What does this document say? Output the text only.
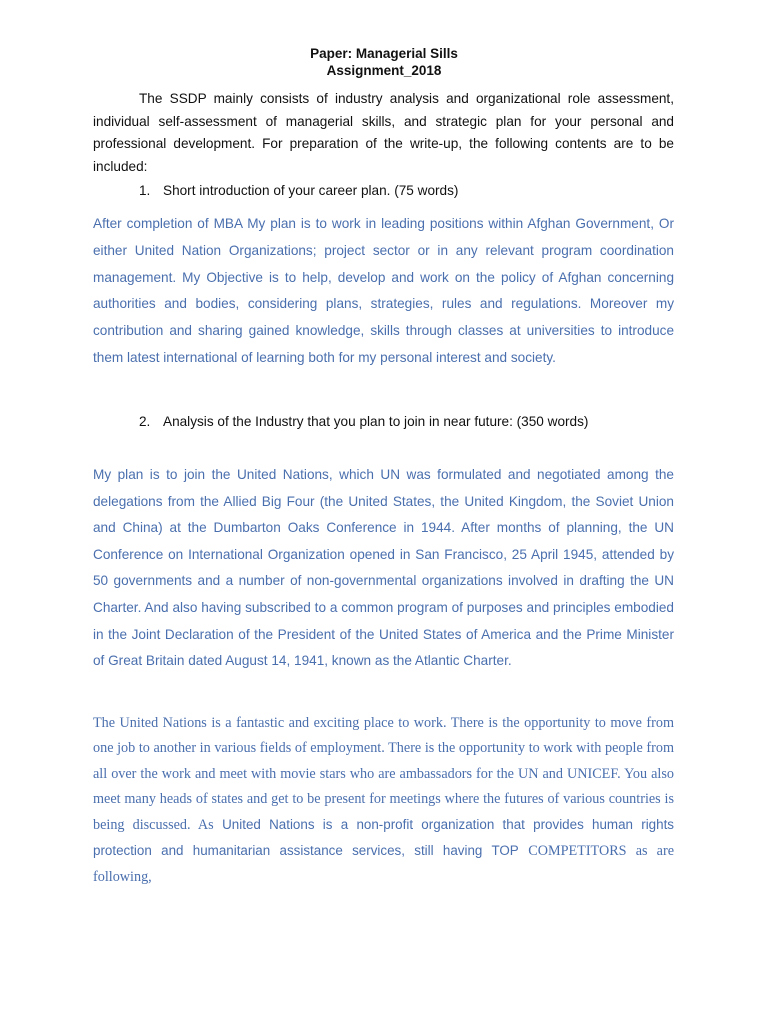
Paper: Managerial Sills
Assignment_2018

The SSDP mainly consists of industry analysis and organizational role assessment, individual self-assessment of managerial skills, and strategic plan for your personal and professional development. For preparation of the write-up, the following contents are to be included:

1. Short introduction of your career plan. (75 words)

After completion of MBA My plan is to work in leading positions within Afghan Government, Or either United Nation Organizations; project sector or in any relevant program coordination management. My Objective is to help, develop and work on the policy of Afghan concerning authorities and bodies, considering plans, strategies, rules and regulations. Moreover my contribution and sharing gained knowledge, skills through classes at universities to introduce them latest international of learning both for my personal interest and society.

2. Analysis of the Industry that you plan to join in near future: (350 words)

My plan is to join the United Nations, which UN was formulated and negotiated among the delegations from the Allied Big Four (the United States, the United Kingdom, the Soviet Union and China) at the Dumbarton Oaks Conference in 1944. After months of planning, the UN Conference on International Organization opened in San Francisco, 25 April 1945, attended by 50 governments and a number of non-governmental organizations involved in drafting the UN Charter. And also having subscribed to a common program of purposes and principles embodied in the Joint Declaration of the President of the United States of America and the Prime Minister of Great Britain dated August 14, 1941, known as the Atlantic Charter.

The United Nations is a fantastic and exciting place to work. There is the opportunity to move from one job to another in various fields of employment. There is the opportunity to work with people from all over the work and meet with movie stars who are ambassadors for the UN and UNICEF. You also meet many heads of states and get to be present for meetings where the futures of various countries is being discussed. As United Nations is a non-profit organization that provides human rights protection and humanitarian assistance services, still having TOP COMPETITORS as are following,
